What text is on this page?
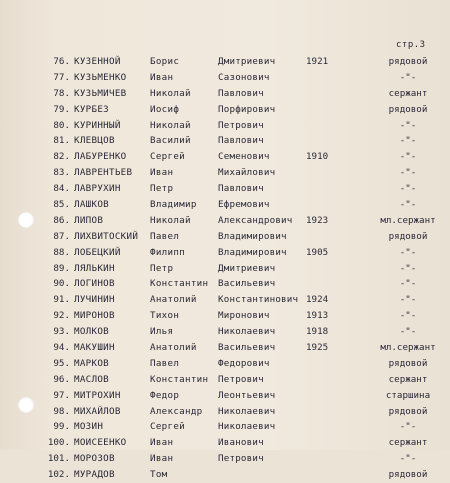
стр.3
76. КУЗЕННОЙ	Борис	Дмитриевич	1921	рядовой
77. КУЗЬМЕНКО	Иван	Сазонович	-"-
78. КУЗЬМИЧЕВ	Николай	Павлович	сержант
79. КУРБЕЗ	Иосиф	Порфирович	рядовой
80. КУРИННЫЙ	Николай	Петрович	-"-
81. КЛЕВЦОВ	Василий	Павлович	-"-
82. ЛАБУРЕНКО	Сергей	Семенович	1910	-"-
83. ЛАВРЕНТЬЕВ Иван	Михайлович	-"-
84. ЛАВРУХИН	Петр	Павлович	-"-
85. ЛАШКОВ	Владимир Ефремович	-"-
86. ЛИПОВ	Николай	Александрович 1923	мл.сержант
87. ЛИХВИТОСКИЙ Павел	Владимирович	рядовой
88. ЛОБЕЦКИЙ	Филипп	Владимирович 1905	-"-
89. ЛЯЛЬКИН	Петр	Дмитриевич	-"-
90. ЛОГИНОВ	Константин Васильевич	-"-
91. ЛУЧИНИН	Анатолий Константинович 1924	-"-
92. МИРОНОВ	Тихон	Миронович	1913	-"-
93. МОЛКОВ	Илья	Николаевич	1918	-"-
94. МАКУШИН	Анатолий Васильевич	1925	мл.сержант
95. МАРКОВ	Павел	Федорович	рядовой
96. МАСЛОВ	Константин Петрович	сержант
97. МИТРОХИН	Федор	Леонтьевич	старшина
98. МИХАЙЛОВ	Александр Николаевич	рядовой
99. МОЗИН	Сергей	Николаевич	-"-
100. МОИСЕЕНКО	Иван	Иванович	сержант
101. МОРОЗОВ	Иван	Петрович	-"-
102. МУРАДОВ	Том	рядовой
